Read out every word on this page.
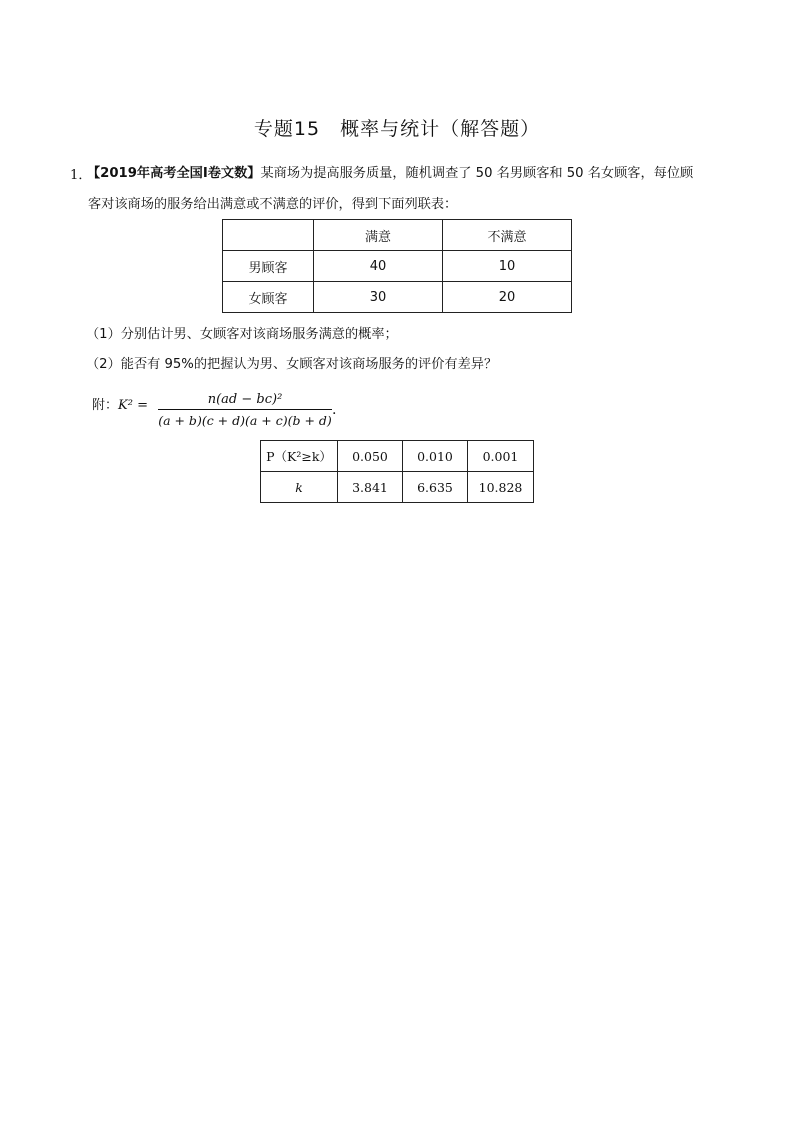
专题15　概率与统计（解答题）
1．
【2019年高考全国Ⅰ卷文数】某商场为提高服务质量，随机调查了 50 名男顾客和 50 名女顾客，每位顾
客对该商场的服务给出满意或不满意的评价，得到下面列联表：
	满意	不满意
男顾客	40	10
女顾客	30	20
（1）分别估计男、女顾客对该商场服务满意的概率；
（2）能否有 95%的把握认为男、女顾客对该商场服务的评价有差异？
附：K² =	n(ad − bc)²
(a + b)(c + d)(a + c)(b + d)
.
P（K²≥k）	0.050	0.010	0.001
k	3.841	6.635	10.828
